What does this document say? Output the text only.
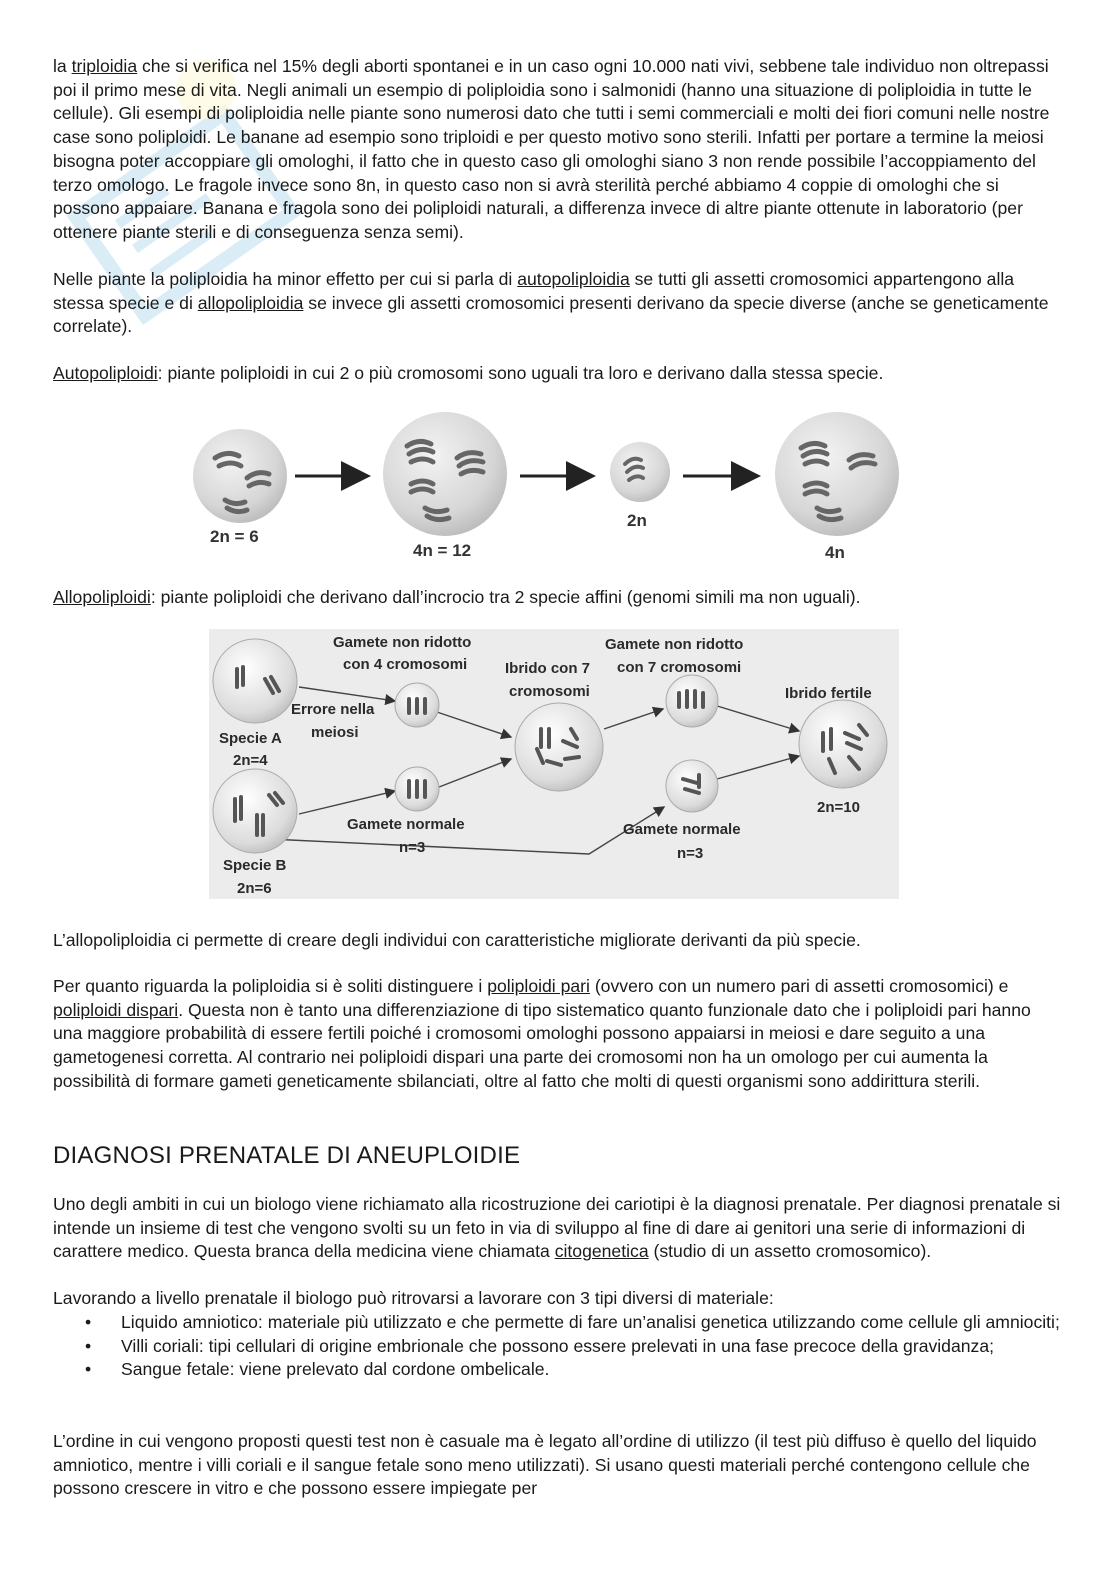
la triploidia che si verifica nel 15% degli aborti spontanei e in un caso ogni 10.000 nati vivi, sebbene tale individuo non oltrepassi poi il primo mese di vita. Negli animali un esempio di poliploidia sono i salmonidi (hanno una situazione di poliploidia in tutte le cellule). Gli esempi di poliploidia nelle piante sono numerosi dato che tutti i semi commerciali e molti dei fiori comuni nelle nostre case sono poliploidi. Le banane ad esempio sono triploidi e per questo motivo sono sterili. Infatti per portare a termine la meiosi bisogna poter accoppiare gli omologhi, il fatto che in questo caso gli omologhi siano 3 non rende possibile l’accoppiamento del terzo omologo. Le fragole invece sono 8n, in questo caso non si avrà sterilità perché abbiamo 4 coppie di omologhi che si possono appaiare. Banana e fragola sono dei poliploidi naturali, a differenza invece di altre piante ottenute in laboratorio (per ottenere piante sterili e di conseguenza senza semi).

Nelle piante la poliploidia ha minor effetto per cui si parla di autopoliploidia se tutti gli assetti cromosomici appartengono alla stessa specie e di allopoliploidia se invece gli assetti cromosomici presenti derivano da specie diverse (anche se geneticamente correlate).

Autopoliploidi: piante poliploidi in cui 2 o più cromosomi sono uguali tra loro e derivano dalla stessa specie.

2n = 6
4n = 12
2n
4n

Allopoliploidi: piante poliploidi che derivano dall’incrocio tra 2 specie affini (genomi simili ma non uguali).

Gamete non ridotto con 4 cromosomi	Ibrido con 7 cromosomi
Gamete non ridotto con 7 cromosomi
Ibrido fertile
Errore nella meiosi
Specie A 2n=4
Specie B 2n=6
Gamete normale n=3
Gamete normale n=3
2n=10

L’allopoliploidia ci permette di creare degli individui con caratteristiche migliorate derivanti da più specie.

Per quanto riguarda la poliploidia si è soliti distinguere i poliploidi pari (ovvero con un numero pari di assetti cromosomici) e poliploidi dispari. Questa non è tanto una differenziazione di tipo sistematico quanto funzionale dato che i poliploidi pari hanno una maggiore probabilità di essere fertili poiché i cromosomi omologhi possono appaiarsi in meiosi e dare seguito a una gametogenesi corretta. Al contrario nei poliploidi dispari una parte dei cromosomi non ha un omologo per cui aumenta la possibilità di formare gameti geneticamente sbilanciati, oltre al fatto che molti di questi organismi sono addirittura sterili.

DIAGNOSI PRENATALE DI ANEUPLOIDIE

Uno degli ambiti in cui un biologo viene richiamato alla ricostruzione dei cariotipi è la diagnosi prenatale. Per diagnosi prenatale si intende un insieme di test che vengono svolti su un feto in via di sviluppo al fine di dare ai genitori una serie di informazioni di carattere medico. Questa branca della medicina viene chiamata citogenetica (studio di un assetto cromosomico).

Lavorando a livello prenatale il biologo può ritrovarsi a lavorare con 3 tipi diversi di materiale:

• Liquido amniotico: materiale più utilizzato e che permette di fare un’analisi genetica utilizzando come cellule gli amniociti;
• Villi coriali: tipi cellulari di origine embrionale che possono essere prelevati in una fase precoce della gravidanza;
• Sangue fetale: viene prelevato dal cordone ombelicale.

L’ordine in cui vengono proposti questi test non è casuale ma è legato all’ordine di utilizzo (il test più diffuso è quello del liquido amniotico, mentre i villi coriali e il sangue fetale sono meno utilizzati). Si usano questi materiali perché contengono cellule che possono crescere in vitro e che possono essere impiegate per
